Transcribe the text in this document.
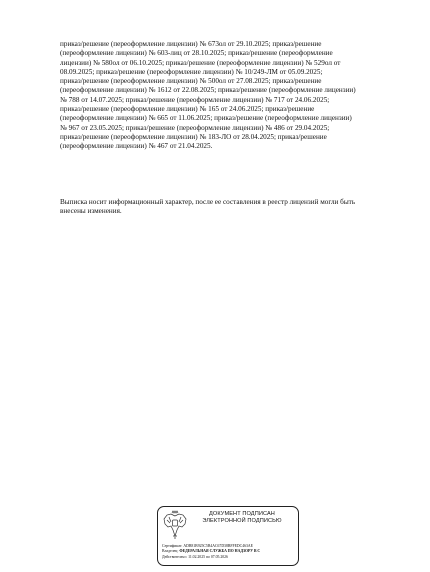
приказ/решение (переоформление лицензии) № 673ол от 29.10.2025; приказ/решение
(переоформление лицензии) № 603-лиц от 28.10.2025; приказ/решение (переоформление
лицензии) № 580ол от 06.10.2025; приказ/решение (переоформление лицензии) № 529ол от
08.09.2025; приказ/решение (переоформление лицензии) № 10/249-ЛМ от 05.09.2025;
приказ/решение (переоформление лицензии) № 500ол от 27.08.2025; приказ/решение
(переоформление лицензии) № 1612 от 22.08.2025; приказ/решение (переоформление лицензии)
№ 788 от 14.07.2025; приказ/решение (переоформление лицензии) № 717 от 24.06.2025;
приказ/решение (переоформление лицензии) № 165 от 24.06.2025; приказ/решение
(переоформление лицензии) № 665 от 11.06.2025; приказ/решение (переоформление лицензии)
№ 967 от 23.05.2025; приказ/решение (переоформление лицензии) № 486 от 29.04.2025;
приказ/решение (переоформление лицензии) № 183-ЛО от 28.04.2025; приказ/решение
(переоформление лицензии) № 467 от 21.04.2025.

Выписка носит информационный характер, после ее составления в реестр лицензий могли быть
внесены изменения.

ДОКУМЕНТ ПОДПИСАН
ЭЛЕКТРОННОЙ ПОДПИСЬЮ
Сертификат: ADB81B925C5B4AC67D38BFFEDC463AE
Владелец: ФЕДЕРАЛЬНАЯ СЛУЖБА ПО НАДЗОРУ В С
Действителен с 11.02.2025 по 07.05.2026
